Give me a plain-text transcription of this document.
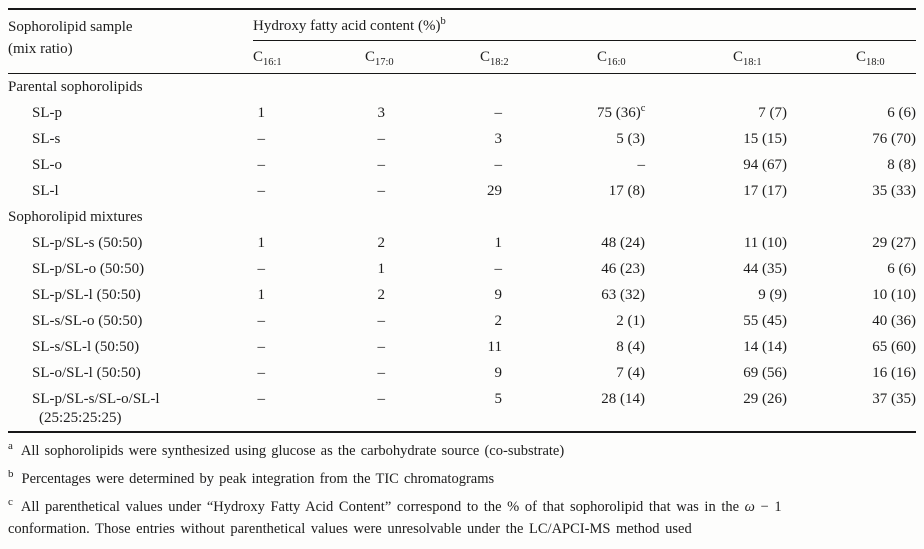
Sophorolipid sample
(mix ratio)	Hydroxy fatty acid content (%)$^b$
	$C_{16:1}$	$C_{17:0}$	$C_{18:2}$	$C_{16:0}$	$C_{18:1}$	$C_{18:0}$
Parental sophorolipids						

SL-p	1	3	–	75 $(36)^c$	7 (7)	6 (6)

SL-s	–	–	3	5 (3)	15 (15)	76 (70)

SL-o	–	–	–	–	94 (67)	8 (8)

SL-l	–	–	29	17 (8)	17 (17)	35 (33)
Sophorolipid mixtures						

SL-p/SL-s (50:50)	1	2	1	48 (24)	11 (10)	29 (27)

SL-p/SL-o (50:50)	–	1	–	46 (23)	44 (35)	6 (6)

SL-p/SL-l (50:50)	1	2	9	63 (32)	9 (9)	10 (10)

SL-s/SL-o (50:50)	–	–	2	2 (1)	55 (45)	40 (36)

SL-s/SL-l (50:50)	–	–	11	8 (4)	14 (14)	65 (60)

SL-o/SL-l (50:50)	–	–	9	7 (4)	69 (56)	16 (16)

SL-p/SL-s/SL-o/SL-l
(25:25:25:25)	–	–	5	28 (14)	29 (26)	37 (35)
$^a$ All sophorolipids were synthesized using glucose as the carbohydrate source (co-substrate)
$^b$ Percentages were determined by peak integration from the TIC chromatograms
$^c$ All parenthetical values under “Hydroxy Fatty Acid Content” correspond to the % of that sophorolipid that was in the ω − 1
conformation. Those entries without parenthetical values were unresolvable under the LC/APCI-MS method used
